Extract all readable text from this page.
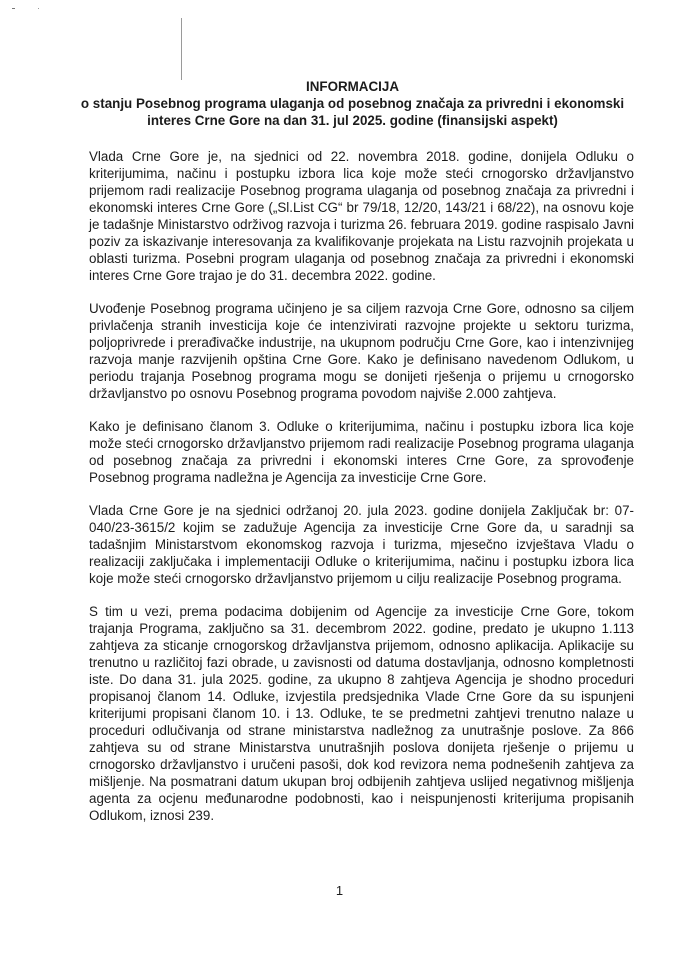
INFORMACIJA
o stanju Posebnog programa ulaganja od posebnog značaja za privredni i ekonomski interes Crne Gore na dan 31. jul 2025. godine (finansijski aspekt)

Vlada Crne Gore je, na sjednici od 22. novembra 2018. godine, donijela Odluku o kriterijumima, načinu i postupku izbora lica koje može steći crnogorsko državljanstvo prijemom radi realizacije Posebnog programa ulaganja od posebnog značaja za privredni i ekonomski interes Crne Gore („Sl.List CG“ br 79/18, 12/20, 143/21 i 68/22), na osnovu koje je tadašnje Ministarstvo održivog razvoja i turizma 26. februara 2019. godine raspisalo Javni poziv za iskazivanje interesovanja za kvalifikovanje projekata na Listu razvojnih projekata u oblasti turizma. Posebni program ulaganja od posebnog značaja za privredni i ekonomski interes Crne Gore trajao je do 31. decembra 2022. godine.

Uvođenje Posebnog programa učinjeno je sa ciljem razvoja Crne Gore, odnosno sa ciljem privlačenja stranih investicija koje će intenzivirati razvojne projekte u sektoru turizma, poljoprivrede i prerađivačke industrije, na ukupnom području Crne Gore, kao i intenzivnijeg razvoja manje razvijenih opština Crne Gore. Kako je definisano navedenom Odlukom, u periodu trajanja Posebnog programa mogu se donijeti rješenja o prijemu u crnogorsko državljanstvo po osnovu Posebnog programa povodom najviše 2.000 zahtjeva.

Kako je definisano članom 3. Odluke o kriterijumima, načinu i postupku izbora lica koje može steći crnogorsko državljanstvo prijemom radi realizacije Posebnog programa ulaganja od posebnog značaja za privredni i ekonomski interes Crne Gore, za sprovođenje Posebnog programa nadležna je Agencija za investicije Crne Gore.

Vlada Crne Gore je na sjednici održanoj 20. jula 2023. godine donijela Zaključak br: 07-040/23-3615/2 kojim se zadužuje Agencija za investicije Crne Gore da, u saradnji sa tadašnjim Ministarstvom ekonomskog razvoja i turizma, mjesečno izvještava Vladu o realizaciji zaključaka i implementaciji Odluke o kriterijumima, načinu i postupku izbora lica koje može steći crnogorsko državljanstvo prijemom u cilju realizacije Posebnog programa.

S tim u vezi, prema podacima dobijenim od Agencije za investicije Crne Gore, tokom trajanja Programa, zaključno sa 31. decembrom 2022. godine, predato je ukupno 1.113 zahtjeva za sticanje crnogorskog državljanstva prijemom, odnosno aplikacija. Aplikacije su trenutno u različitoj fazi obrade, u zavisnosti od datuma dostavljanja, odnosno kompletnosti iste. Do dana 31. jula 2025. godine, za ukupno 8 zahtjeva Agencija je shodno proceduri propisanoj članom 14. Odluke, izvjestila predsjednika Vlade Crne Gore da su ispunjeni kriterijumi propisani članom 10. i 13. Odluke, te se predmetni zahtjevi trenutno nalaze u proceduri odlučivanja od strane ministarstva nadležnog za unutrašnje poslove. Za 866 zahtjeva su od strane Ministarstva unutrašnjih poslova donijeta rješenje o prijemu u crnogorsko državljanstvo i uručeni pasoši, dok kod revizora nema podnešenih zahtjeva za mišljenje. Na posmatrani datum ukupan broj odbijenih zahtjeva uslijed negativnog mišljenja agenta za ocjenu međunarodne podobnosti, kao i neispunjenosti kriterijuma propisanih Odlukom, iznosi 239.

1
